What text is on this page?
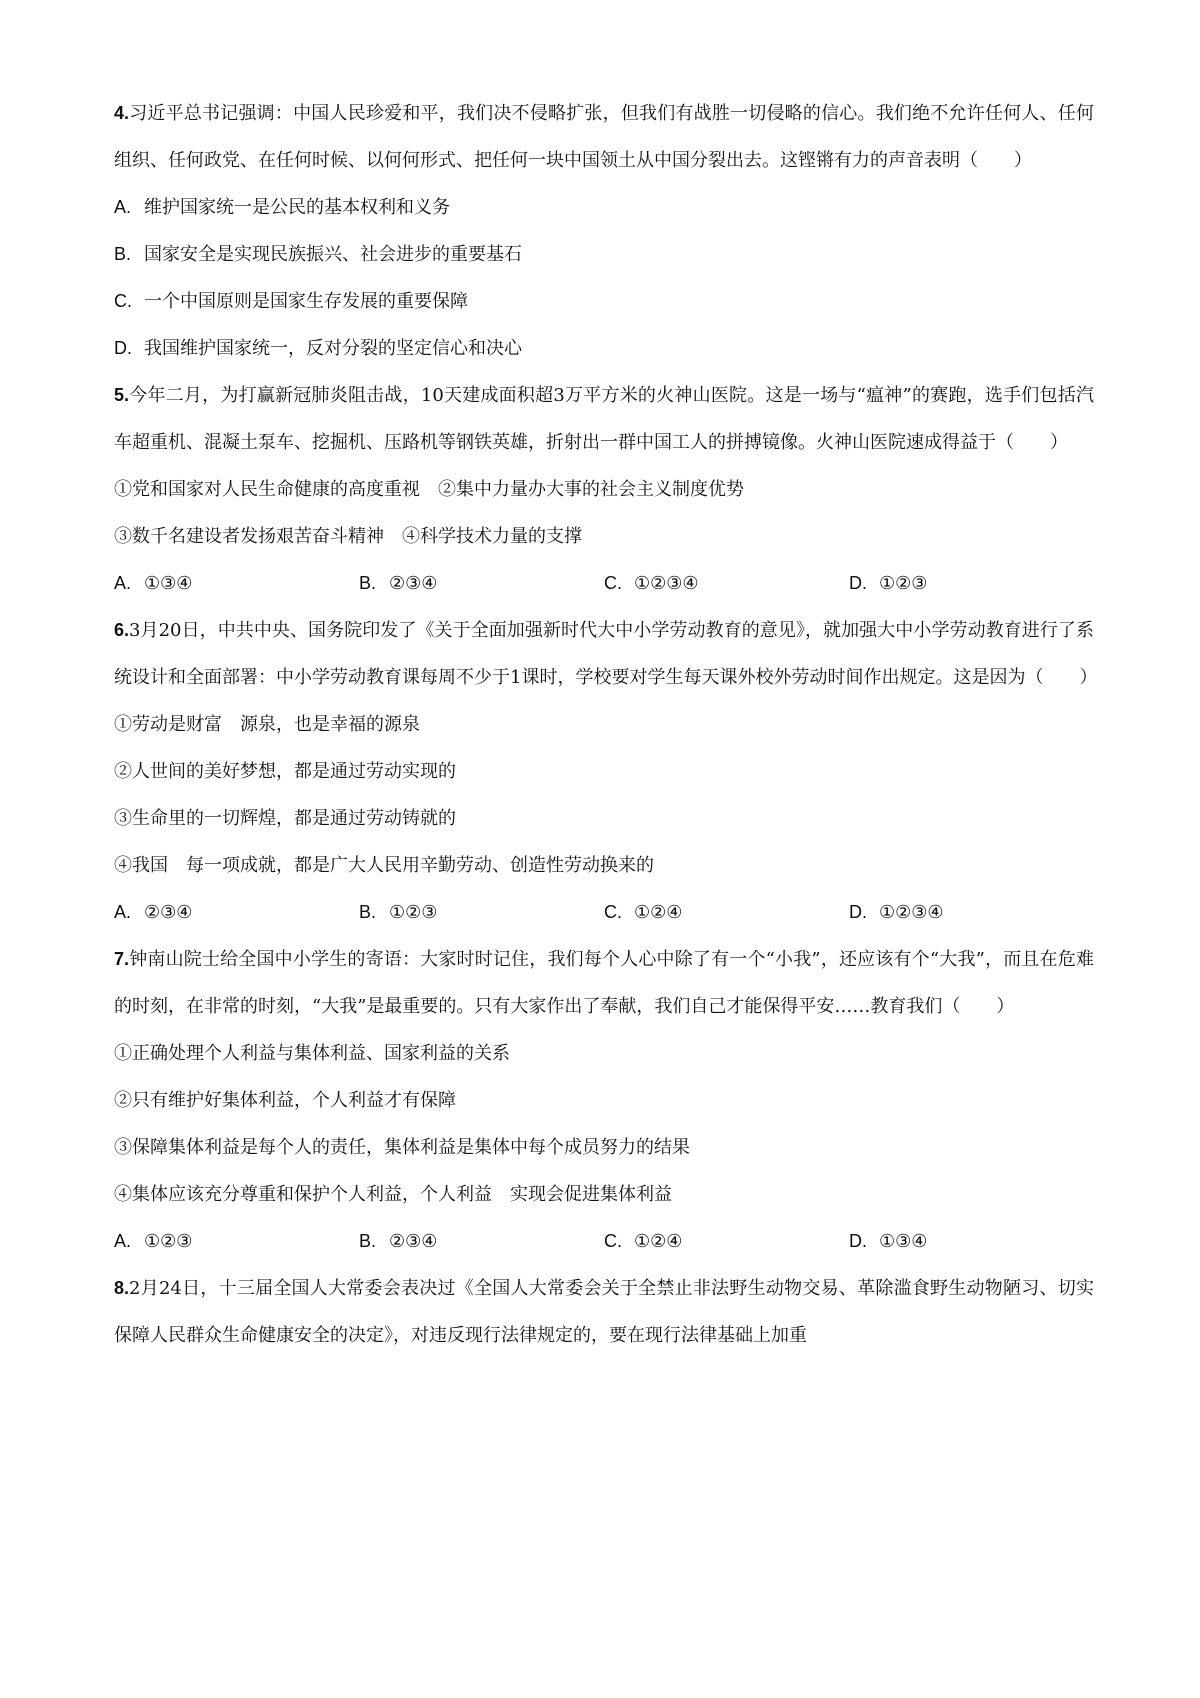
4.习近平总书记强调：中国人民珍爱和平，我们决不侵略扩张，但我们有战胜一切侵略的信心。我们绝不允许任何人、任何组织、任何政党、在任何时候、以何何形式、把任何一块中国领土从中国分裂出去。这铿锵有力的声音表明（　　）

A. 维护国家统一是公民的基本权利和义务

B. 国家安全是实现民族振兴、社会进步的重要基石

C. 一个中国原则是国家生存发展的重要保障

D. 我国维护国家统一，反对分裂的坚定信心和决心

5.今年二月，为打赢新冠肺炎阻击战，10天建成面积超3万平方米的火神山医院。这是一场与“瘟神”的赛跑，选手们包括汽车超重机、混凝土泵车、挖掘机、压路机等钢铁英雄，折射出一群中国工人的拼搏镜像。火神山医院速成得益于（　　）

①党和国家对人民生命健康的高度重视　②集中力量办大事的社会主义制度优势

③数千名建设者发扬艰苦奋斗精神　④科学技术力量的支撑

A. ①③④	B. ②③④	C. ①②③④	D. ①②③

6.3月20日，中共中央、国务院印发了《关于全面加强新时代大中小学劳动教育的意见》，就加强大中小学劳动教育进行了系统设计和全面部署：中小学劳动教育课每周不少于1课时，学校要对学生每天课外校外劳动时间作出规定。这是因为（　　）

①劳动是财富　源泉，也是幸福的源泉

②人世间的美好梦想，都是通过劳动实现的

③生命里的一切辉煌，都是通过劳动铸就的

④我国　每一项成就，都是广大人民用辛勤劳动、创造性劳动换来的

A. ②③④	B. ①②③	C. ①②④	D. ①②③④

7.钟南山院士给全国中小学生的寄语：大家时时记住，我们每个人心中除了有一个“小我”，还应该有个“大我”，而且在危难的时刻，在非常的时刻，“大我”是最重要的。只有大家作出了奉献，我们自己才能保得平安……教育我们（　　）

①正确处理个人利益与集体利益、国家利益的关系

②只有维护好集体利益，个人利益才有保障

③保障集体利益是每个人的责任，集体利益是集体中每个成员努力的结果

④集体应该充分尊重和保护个人利益，个人利益　实现会促进集体利益

A. ①②③	B. ②③④	C. ①②④	D. ①③④

8.2月24日，十三届全国人大常委会表决过《全国人大常委会关于全禁止非法野生动物交易、革除滥食野生动物陋习、切实保障人民群众生命健康安全的决定》，对违反现行法律规定的，要在现行法律基础上加重
